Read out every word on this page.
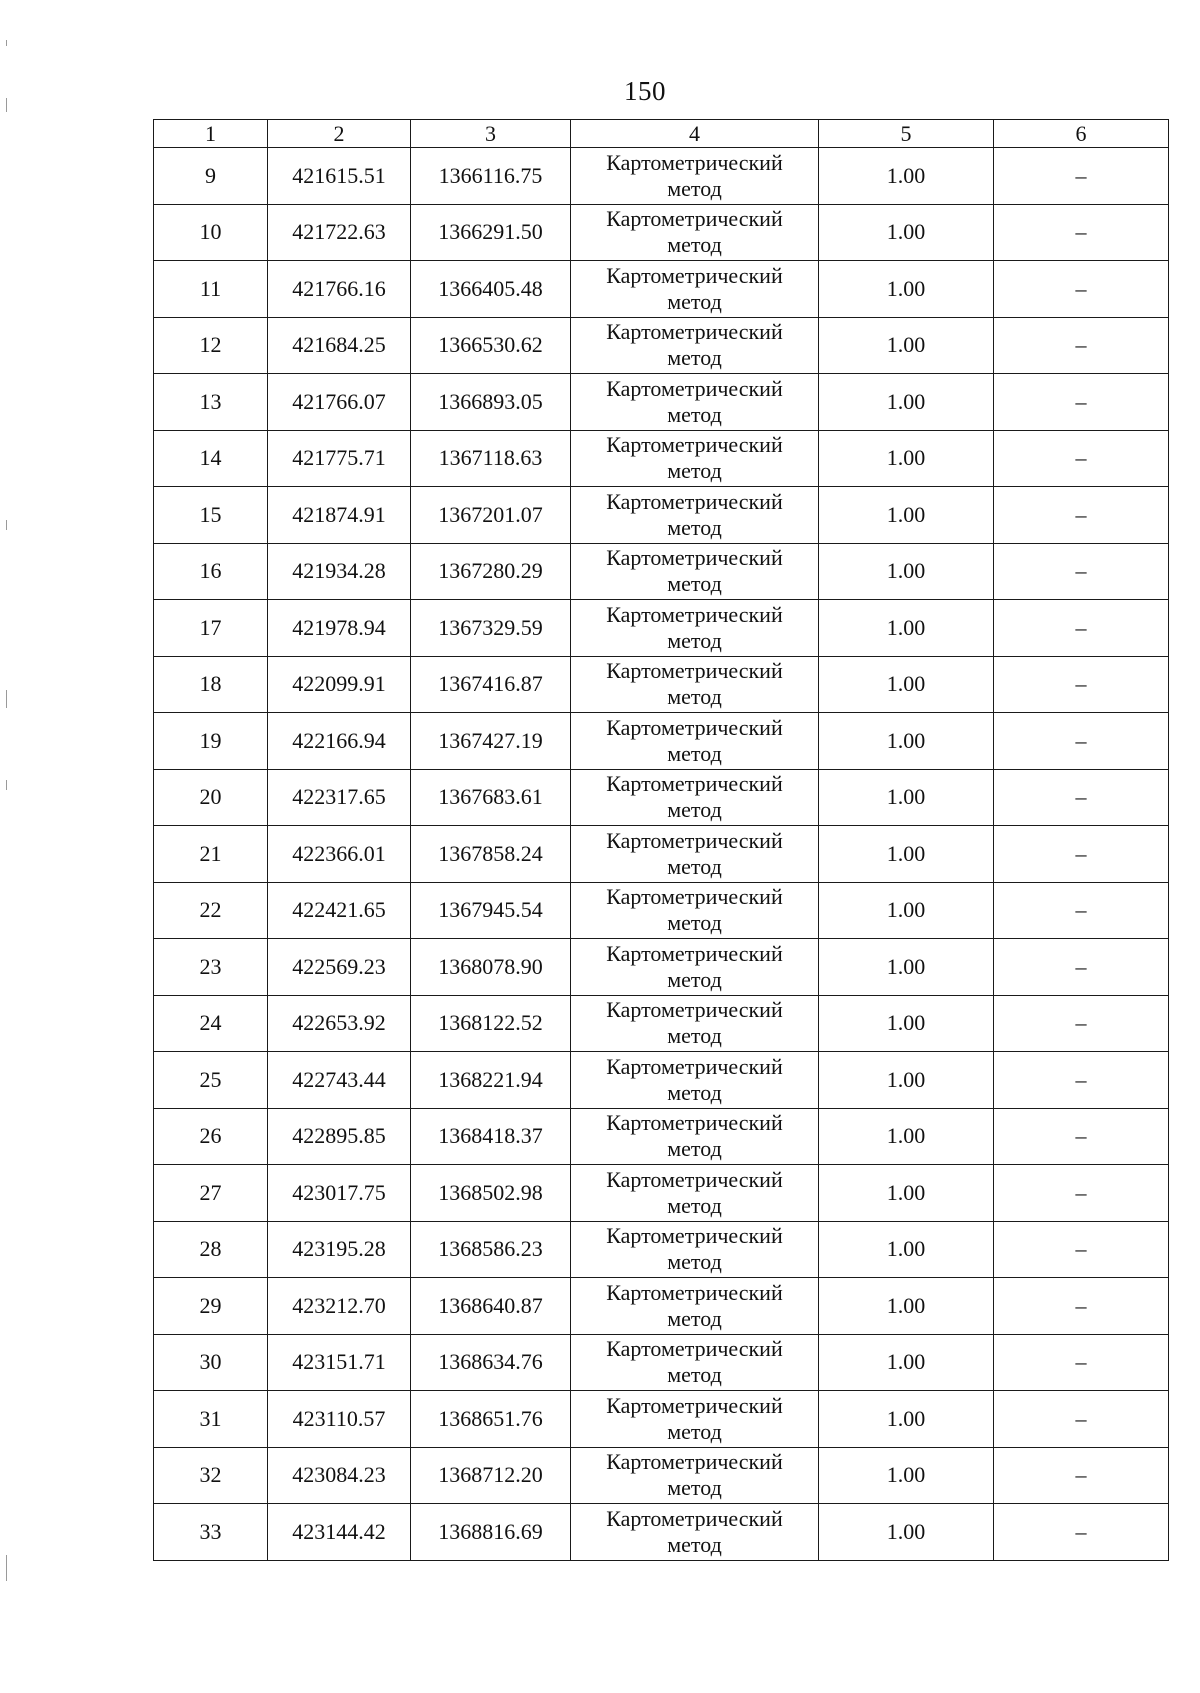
150
1	2	3	4	5	6
9	421615.51	1366116.75	Картометрический
метод	1.00	–
10	421722.63	1366291.50	Картометрический
метод	1.00	–
11	421766.16	1366405.48	Картометрический
метод	1.00	–
12	421684.25	1366530.62	Картометрический
метод	1.00	–
13	421766.07	1366893.05	Картометрический
метод	1.00	–
14	421775.71	1367118.63	Картометрический
метод	1.00	–
15	421874.91	1367201.07	Картометрический
метод	1.00	–
16	421934.28	1367280.29	Картометрический
метод	1.00	–
17	421978.94	1367329.59	Картометрический
метод	1.00	–
18	422099.91	1367416.87	Картометрический
метод	1.00	–
19	422166.94	1367427.19	Картометрический
метод	1.00	–
20	422317.65	1367683.61	Картометрический
метод	1.00	–
21	422366.01	1367858.24	Картометрический
метод	1.00	–
22	422421.65	1367945.54	Картометрический
метод	1.00	–
23	422569.23	1368078.90	Картометрический
метод	1.00	–
24	422653.92	1368122.52	Картометрический
метод	1.00	–
25	422743.44	1368221.94	Картометрический
метод	1.00	–
26	422895.85	1368418.37	Картометрический
метод	1.00	–
27	423017.75	1368502.98	Картометрический
метод	1.00	–
28	423195.28	1368586.23	Картометрический
метод	1.00	–
29	423212.70	1368640.87	Картометрический
метод	1.00	–
30	423151.71	1368634.76	Картометрический
метод	1.00	–
31	423110.57	1368651.76	Картометрический
метод	1.00	–
32	423084.23	1368712.20	Картометрический
метод	1.00	–
33	423144.42	1368816.69	Картометрический
метод	1.00	–
